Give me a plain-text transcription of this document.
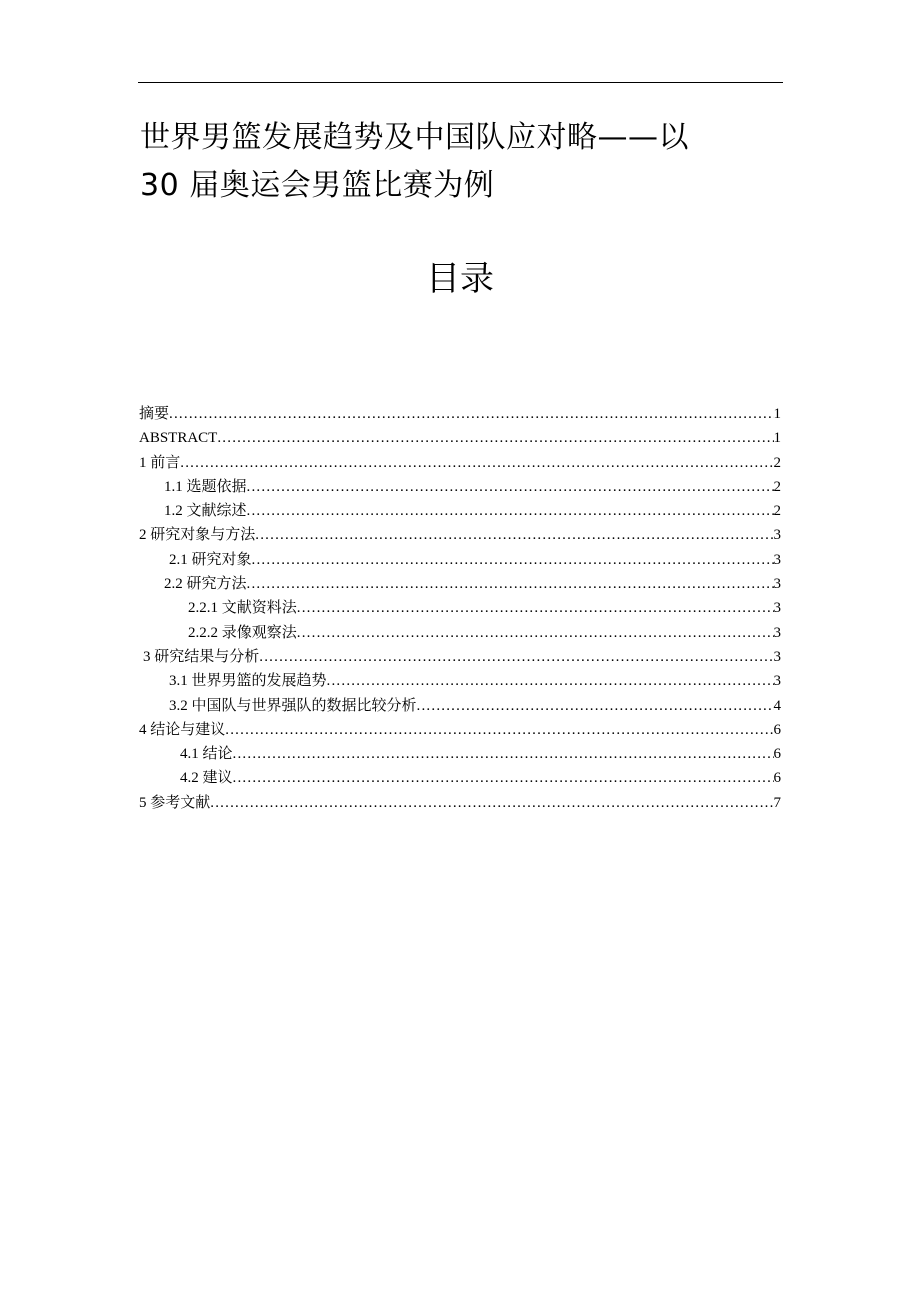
世界男篮发展趋势及中国队应对略——以
30 届奥运会男篮比赛为例
目录
摘要 .....	1
ABSTRACT .....	1
1 前言 .....	2
1.1 选题依据 .....	2
1.2 文献综述 .....	2
2 研究对象与方法 .....	3
2.1 研究对象 .....	3
2.2 研究方法 .....	3
2.2.1 文献资料法 .....	3
2.2.2 录像观察法 .....	3
3 研究结果与分析 .....	3
3.1 世界男篮的发展趋势 .....	3
3.2 中国队与世界强队的数据比较分析 .....	4
4 结论与建议 .....	6
4.1 结论 .....	6
4.2 建议 .....	6
5 参考文献 .....	7
